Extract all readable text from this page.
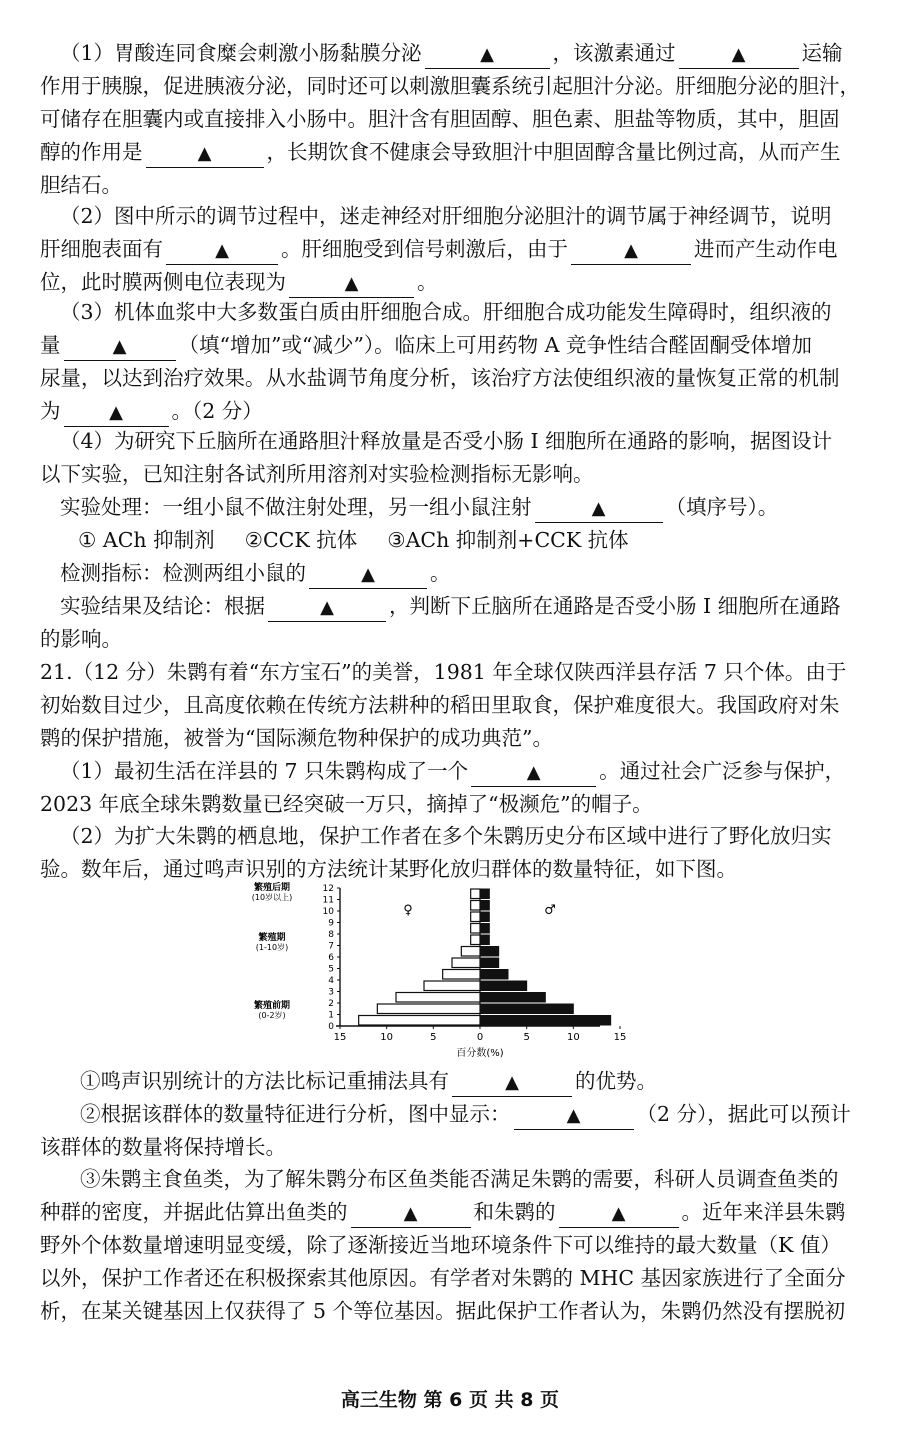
（1）胃酸连同食糜会刺激小肠黏膜分泌	▲	，该激素通过	▲	运输
作用于胰腺，促进胰液分泌，同时还可以刺激胆囊系统引起胆汁分泌。肝细胞分泌的胆汁，
可储存在胆囊内或直接排入小肠中。胆汁含有胆固醇、胆色素、胆盐等物质，其中，胆固
醇的作用是	▲	，长期饮食不健康会导致胆汁中胆固醇含量比例过高，从而产生
胆结石。
（2）图中所示的调节过程中，迷走神经对肝细胞分泌胆汁的调节属于神经调节，说明
肝细胞表面有	▲	。肝细胞受到信号刺激后，由于	▲	进而产生动作电
位，此时膜两侧电位表现为	▲	。
（3）机体血浆中大多数蛋白质由肝细胞合成。肝细胞合成功能发生障碍时，组织液的
量	▲	（填“增加”或“减少”）。临床上可用药物 A 竞争性结合醛固酮受体增加
尿量，以达到治疗效果。从水盐调节角度分析，该治疗方法使组织液的量恢复正常的机制
为	▲ 。（2 分）
（4）为研究下丘脑所在通路胆汁释放量是否受小肠 I 细胞所在通路的影响，据图设计
以下实验，已知注射各试剂所用溶剂对实验检测指标无影响。
实验处理：一组小鼠不做注射处理，另一组小鼠注射	▲	（填序号）。
① ACh 抑制剂 ②CCK 抗体 ③ACh 抑制剂+CCK 抗体
检测指标：检测两组小鼠的	▲	。
实验结果及结论：根据	▲	，判断下丘脑所在通路是否受小肠 I 细胞所在通路
的影响。
21.（12 分）朱鹮有着“东方宝石”的美誉，1981 年全球仅陕西洋县存活 7 只个体。由于
初始数目过少，且高度依赖在传统方法耕种的稻田里取食，保护难度很大。我国政府对朱
鹮的保护措施，被誉为“国际濒危物种保护的成功典范”。
（1）最初生活在洋县的 7 只朱鹮构成了一个	▲	。通过社会广泛参与保护，
2023 年底全球朱鹮数量已经突破一万只，摘掉了“极濒危”的帽子。
（2）为扩大朱鹮的栖息地，保护工作者在多个朱鹮历史分布区域中进行了野化放归实
验。数年后，通过鸣声识别的方法统计某野化放归群体的数量特征，如下图。
0
1
2
3
4
5
6
7
8
9
10
11
12
15	10	5	0	5	10	15
百分数(%)
♀	♂
繁殖后期
(10岁以上)
繁殖期
(1-10岁)
繁殖前期
(0-2岁)
①鸣声识别统计的方法比标记重捕法具有	▲	的优势。
②根据该群体的数量特征进行分析，图中显示：	▲	（2 分），据此可以预计
该群体的数量将保持增长。
③朱鹮主食鱼类，为了解朱鹮分布区鱼类能否满足朱鹮的需要，科研人员调查鱼类的
种群的密度，并据此估算出鱼类的	▲	和朱鹮的	▲	。近年来洋县朱鹮
野外个体数量增速明显变缓，除了逐渐接近当地环境条件下可以维持的最大数量（K 值）
以外，保护工作者还在积极探索其他原因。有学者对朱鹮的 MHC 基因家族进行了全面分
析，在某关键基因上仅获得了 5 个等位基因。据此保护工作者认为，朱鹮仍然没有摆脱初
高三生物 第 6 页 共 8 页
